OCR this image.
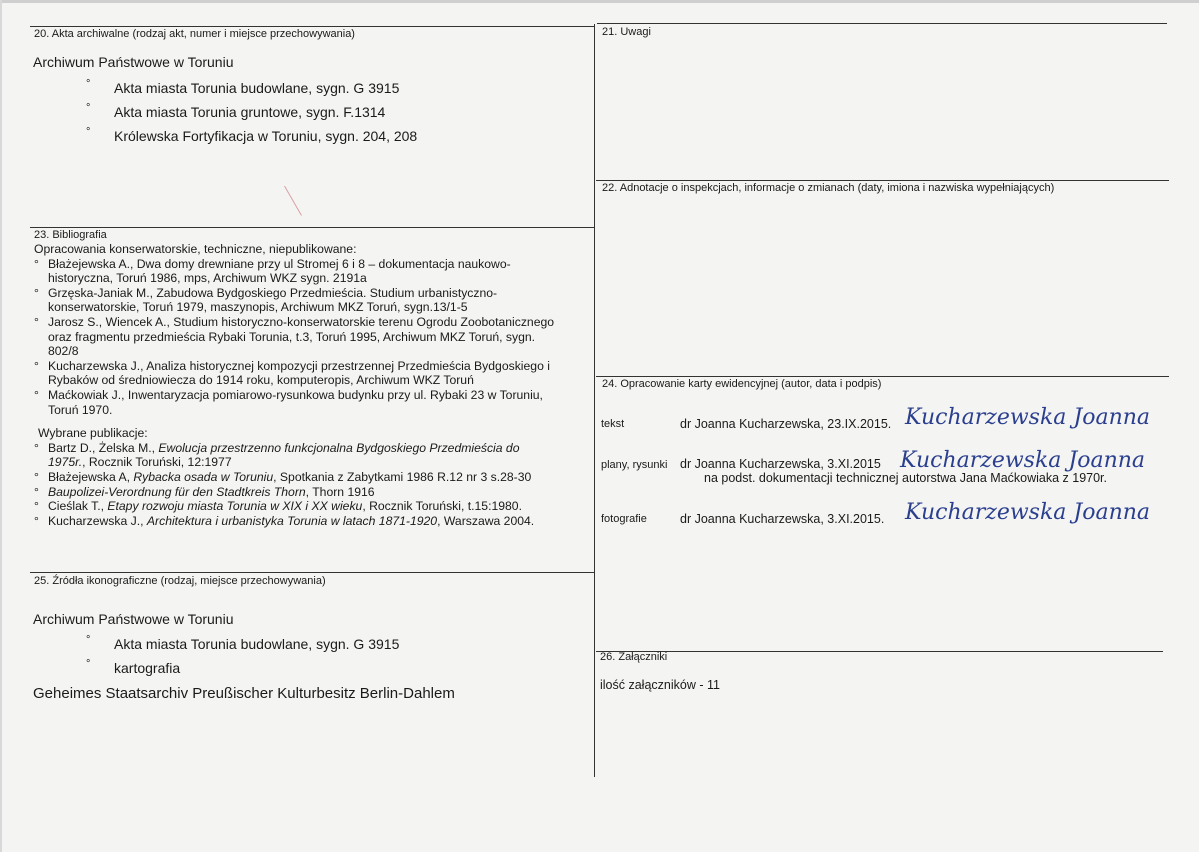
20. Akta archiwalne (rodzaj akt, numer i miejsce przechowywania)
Archiwum Państwowe w Toruniu
° Akta miasta Torunia budowlane, sygn. G 3915
° Akta miasta Torunia gruntowe, sygn. F.1314
° Królewska Fortyfikacja w Toruniu, sygn. 204, 208
21. Uwagi
22. Adnotacje o inspekcjach, informacje o zmianach (daty, imiona i nazwiska wypełniających)
23. Bibliografia
Opracowania konserwatorskie, techniczne, niepublikowane:
° Błażejewska A., Dwa domy drewniane przy ul Stromej 6 i 8 – dokumentacja naukowo-
historyczna, Toruń 1986, mps, Archiwum WKZ sygn. 2191a
° Grzęska-Janiak M., Zabudowa Bydgoskiego Przedmieścia. Studium urbanistyczno-
konserwatorskie, Toruń 1979, maszynopis, Archiwum MKZ Toruń, sygn.13/1-5
° Jarosz S., Wiencek A., Studium historyczno-konserwatorskie terenu Ogrodu Zoobotanicznego
oraz fragmentu przedmieścia Rybaki Torunia, t.3, Toruń 1995, Archiwum MKZ Toruń, sygn.
802/8
° Kucharzewska J., Analiza historycznej kompozycji przestrzennej Przedmieścia Bydgoskiego i
Rybaków od średniowiecza do 1914 roku, komputeropis, Archiwum WKZ Toruń
° Maćkowiak J., Inwentaryzacja pomiarowo-rysunkowa budynku przy ul. Rybaki 23 w Toruniu,
Toruń 1970.
Wybrane publikacje:
° Bartz D., Żelska M., Ewolucja przestrzenno funkcjonalna Bydgoskiego Przedmieścia do
1975r., Rocznik Toruński, 12:1977
° Błażejewska A, Rybacka osada w Toruniu, Spotkania z Zabytkami 1986 R.12 nr 3 s.28-30
° Baupolizei-Verordnung für den Stadtkreis Thorn, Thorn 1916
° Cieślak T., Etapy rozwoju miasta Torunia w XIX i XX wieku, Rocznik Toruński, t.15:1980.
° Kucharzewska J., Architektura i urbanistyka Torunia w latach 1871-1920, Warszawa 2004.
24. Opracowanie karty ewidencyjnej (autor, data i podpis)
tekst	dr Joanna Kucharzewska, 23.IX.2015. Kucharzewska Joanna
plany, rysunki dr Joanna Kucharzewska, 3.XI.2015
na podst. dokumentacji technicznej autorstwa Jana Maćkowiaka z 1970r.
Kucharzewska Joanna
fotografie	dr Joanna Kucharzewska, 3.XI.2015. Kucharzewska Joanna
25. Źródła ikonograficzne (rodzaj, miejsce przechowywania)
Archiwum Państwowe w Toruniu
° Akta miasta Torunia budowlane, sygn. G 3915
° kartografia
Geheimes Staatsarchiv Preußischer Kulturbesitz Berlin-Dahlem
26. Załączniki
ilość załączników - 11
